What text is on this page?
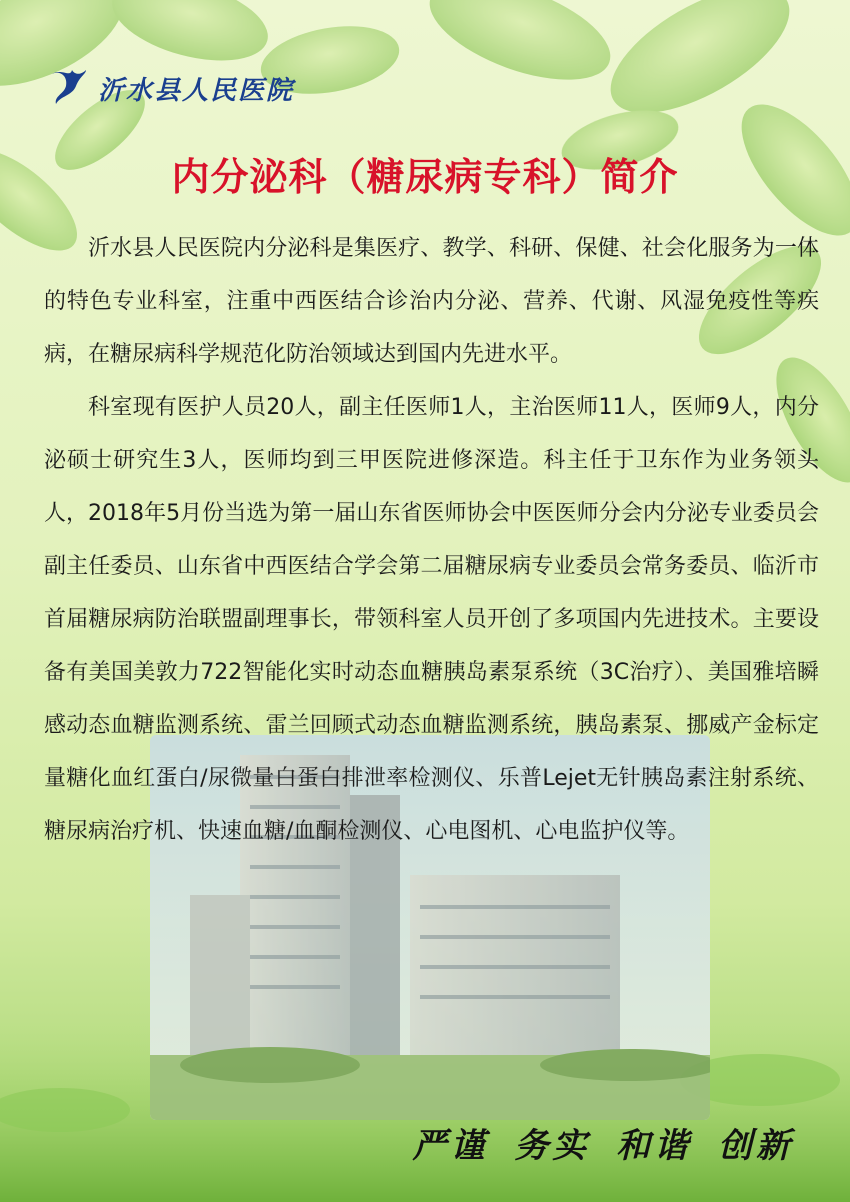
沂水县人民医院
内分泌科（糖尿病专科）简介

沂水县人民医院内分泌科是集医疗、教学、科研、保健、社会化服务为一体的特色专业科室，注重中西医结合诊治内分泌、营养、代谢、风湿免疫性等疾病，在糖尿病科学规范化防治领域达到国内先进水平。

科室现有医护人员20人，副主任医师1人，主治医师11人，医师9人，内分泌硕士研究生3人，医师均到三甲医院进修深造。科主任于卫东作为业务领头人，2018年5月份当选为第一届山东省医师协会中医医师分会内分泌专业委员会副主任委员、山东省中西医结合学会第二届糖尿病专业委员会常务委员、临沂市首届糖尿病防治联盟副理事长，带领科室人员开创了多项国内先进技术。主要设备有美国美敦力722智能化实时动态血糖胰岛素泵系统（3C治疗）、美国雅培瞬感动态血糖监测系统、雷兰回顾式动态血糖监测系统，胰岛素泵、挪威产金标定量糖化血红蛋白/尿微量白蛋白排泄率检测仪、乐普Lejet无针胰岛素注射系统、糖尿病治疗机、快速血糖/血酮检测仪、心电图机、心电监护仪等。

严谨 务实 和谐 创新
